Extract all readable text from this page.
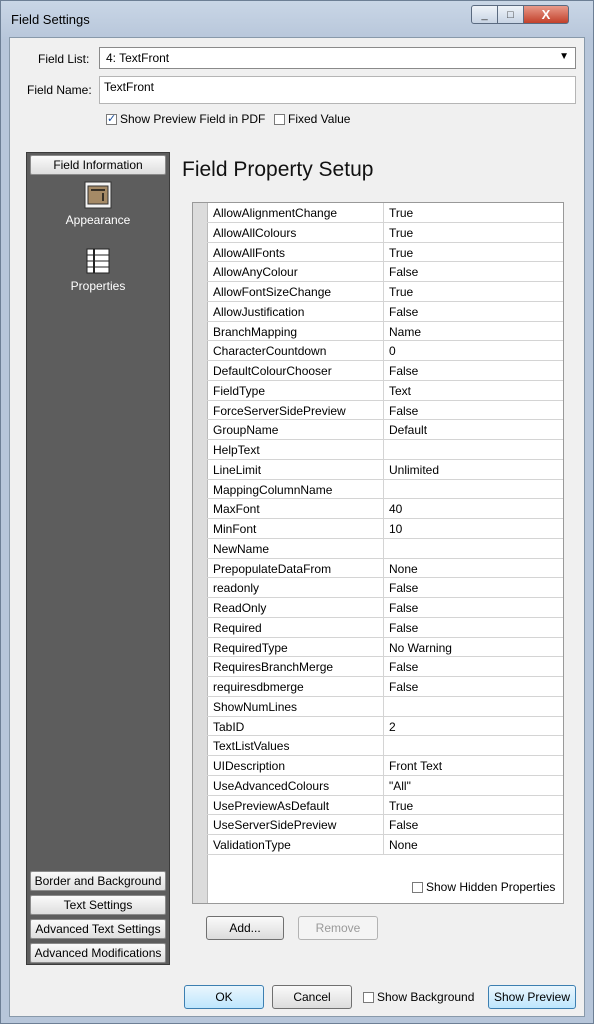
Field Settings	_ □ X
Field List:	4: TextFront	▼
Field Name:	TextFront
✓Show Preview Field in PDF	Fixed Value
Field Information
Appearance
Properties
Border and Background
Text Settings
Advanced Text Settings
Advanced Modifications
Field Property Setup
AllowAlignmentChange	True
AllowAllColours	True
AllowAllFonts	True
AllowAnyColour	False
AllowFontSizeChange	True
AllowJustification	False
BranchMapping	Name
CharacterCountdown	0
DefaultColourChooser	False
FieldType	Text
ForceServerSidePreview	False
GroupName	Default
HelpText
LineLimit	Unlimited
MappingColumnName
MaxFont	40
MinFont	10
NewName
PrepopulateDataFrom	None
readonly	False
ReadOnly	False
Required	False
RequiredType	No Warning
RequiresBranchMerge	False
requiresdbmerge	False
ShowNumLines
TabID	2
TextListValues
UIDescription	Front Text
UseAdvancedColours	"All"
UsePreviewAsDefault	True
UseServerSidePreview	False
ValidationType	None
Show Hidden Properties
Add...	Remove
OK	Cancel	Show Background	Show Preview
